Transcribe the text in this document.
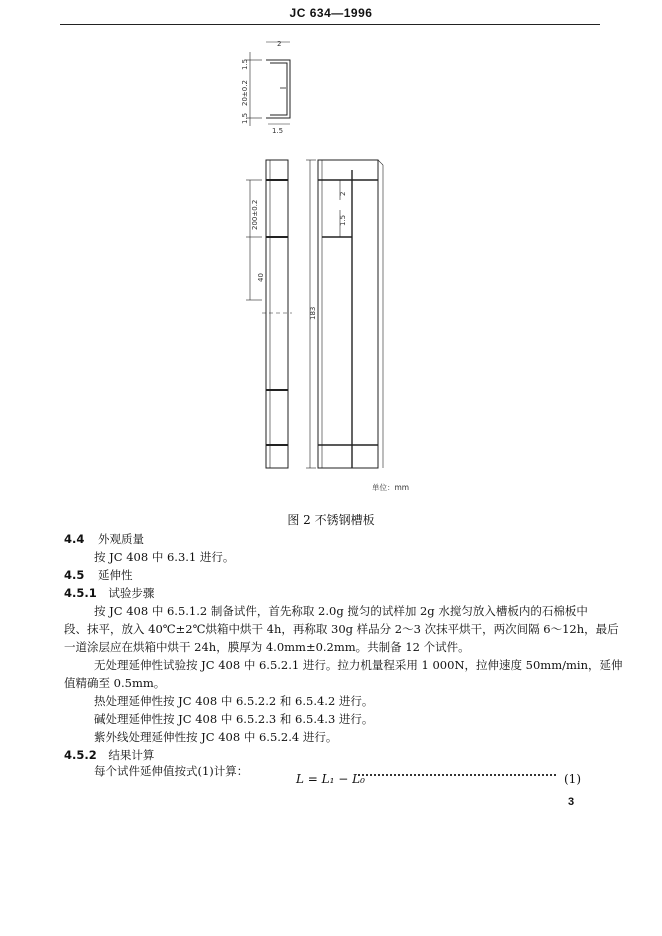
JC 634—1996
2
1.5
20±0.2
1.5
1.5
200±0.2
40
2
1.5
183
单位：mm
图 2 不锈钢槽板
4.4 外观质量
按 JC 408 中 6.3.1 进行。
4.5 延伸性
4.5.1 试验步骤
按 JC 408 中 6.5.1.2 制备试件，首先称取 2.0g 搅匀的试样加 2g 水搅匀放入槽板内的石棉板中
段、抹平，放入 40℃±2℃烘箱中烘干 4h，再称取 30g 样品分 2～3 次抹平烘干，两次间隔 6～12h，最后
一道涂层应在烘箱中烘干 24h，膜厚为 4.0mm±0.2mm。共制备 12 个试件。
无处理延伸性试验按 JC 408 中 6.5.2.1 进行。拉力机量程采用 1 000N，拉伸速度 50mm/min，延伸
值精确至 0.5mm。
热处理延伸性按 JC 408 中 6.5.2.2 和 6.5.4.2 进行。
碱处理延伸性按 JC 408 中 6.5.2.3 和 6.5.4.3 进行。
紫外线处理延伸性按 JC 408 中 6.5.2.4 进行。
4.5.2 结果计算
每个试件延伸值按式(1)计算：
L = L₁ − L₀	(1)
3
